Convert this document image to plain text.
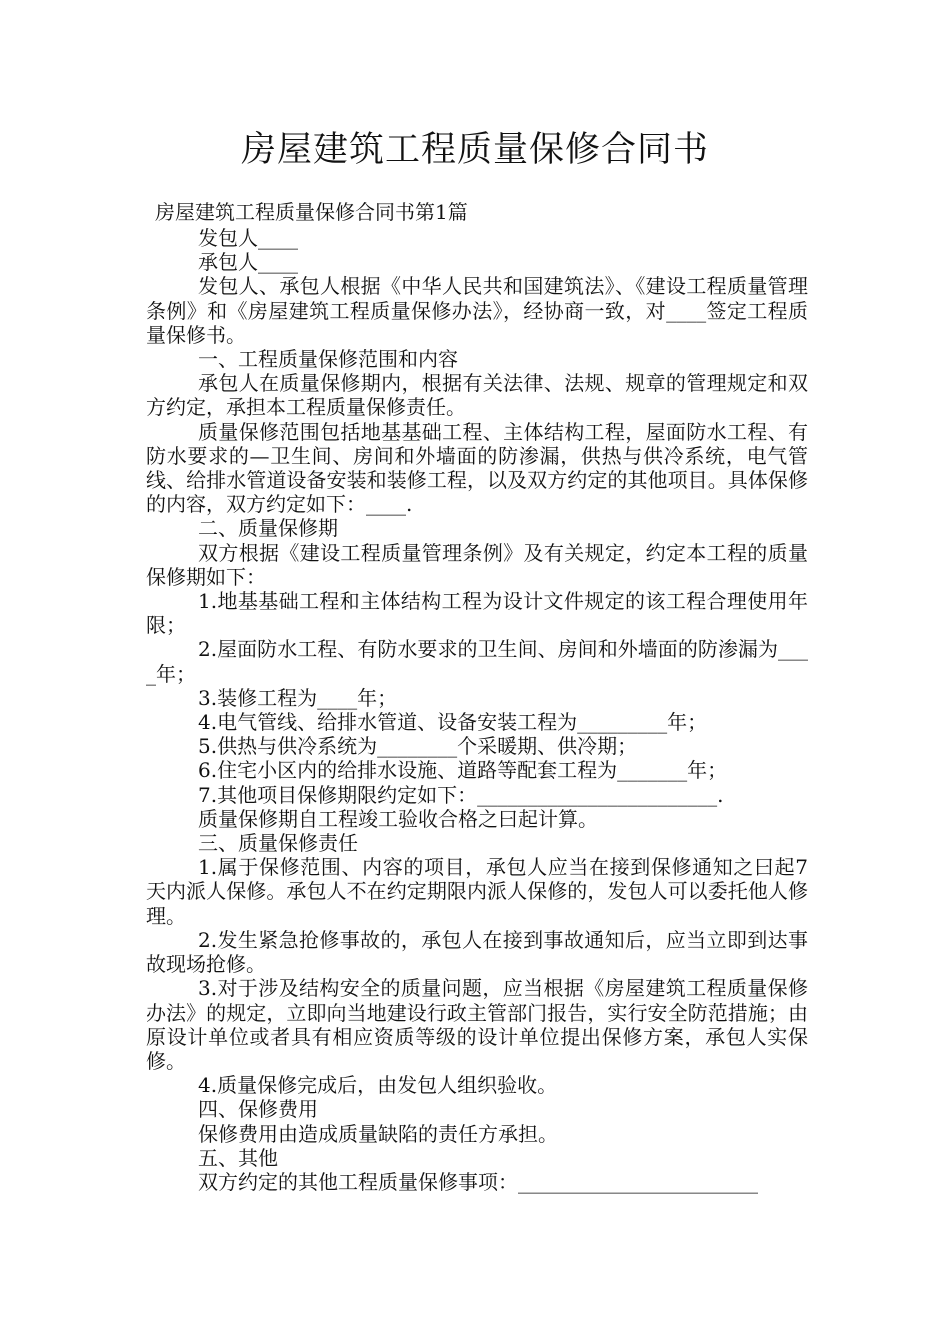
房屋建筑工程质量保修合同书
房屋建筑工程质量保修合同书第1篇

发包人____

承包人____

发包人、承包人根据《中华人民共和国建筑法》、《建设工程质量管理条例》和《房屋建筑工程质量保修办法》，经协商一致，对____签定工程质量保修书。

一、工程质量保修范围和内容

承包人在质量保修期内，根据有关法律、法规、规章的管理规定和双方约定，承担本工程质量保修责任。

质量保修范围包括地基基础工程、主体结构工程，屋面防水工程、有防水要求的—卫生间、房间和外墙面的防渗漏，供热与供冷系统，电气管线、给排水管道设备安装和装修工程，以及双方约定的其他项目。具体保修的内容，双方约定如下：____.

二、质量保修期

双方根据《建设工程质量管理条例》及有关规定，约定本工程的质量保修期如下：

1.地基基础工程和主体结构工程为设计文件规定的该工程合理使用年限；

2.屋面防水工程、有防水要求的卫生间、房间和外墙面的防渗漏为____年；

3.装修工程为____年；

4.电气管线、给排水管道、设备安装工程为_________年；

5.供热与供冷系统为________个采暖期、供冷期；

6.住宅小区内的给排水设施、道路等配套工程为_______年；

7.其他项目保修期限约定如下：________________________.

质量保修期自工程竣工验收合格之曰起计算。

三、质量保修责任

1.属于保修范围、内容的项目，承包人应当在接到保修通知之曰起7天内派人保修。承包人不在约定期限内派人保修的，发包人可以委托他人修理。

2.发生紧急抢修事故的，承包人在接到事故通知后，应当立即到达事故现场抢修。

3.对于涉及结构安全的质量问题，应当根据《房屋建筑工程质量保修办法》的规定，立即向当地建设行政主管部门报告，实行安全防范措施；由原设计单位或者具有相应资质等级的设计单位提出保修方案，承包人实保修。

4.质量保修完成后，由发包人组织验收。

四、保修费用

保修费用由造成质量缺陷的责任方承担。

五、其他

双方约定的其他工程质量保修事项：________________________
